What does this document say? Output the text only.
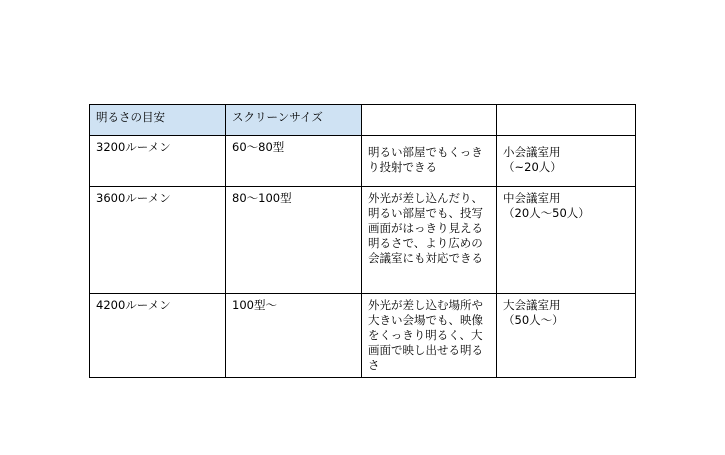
明るさの目安	スクリーンサイズ		
3200ルーメン	60〜80型	明るい部屋でもくっきり投射できる	小会議室用
（~20人）
3600ルーメン	80〜100型	外光が差し込んだり、明るい部屋でも、投写画面がはっきり見える明るさで、より広めの会議室にも対応できる	中会議室用
（20人〜50人）
4200ルーメン	100型〜	外光が差し込む場所や大きい会場でも、映像をくっきり明るく、大画面で映し出せる明るさ	大会議室用
（50人〜）
